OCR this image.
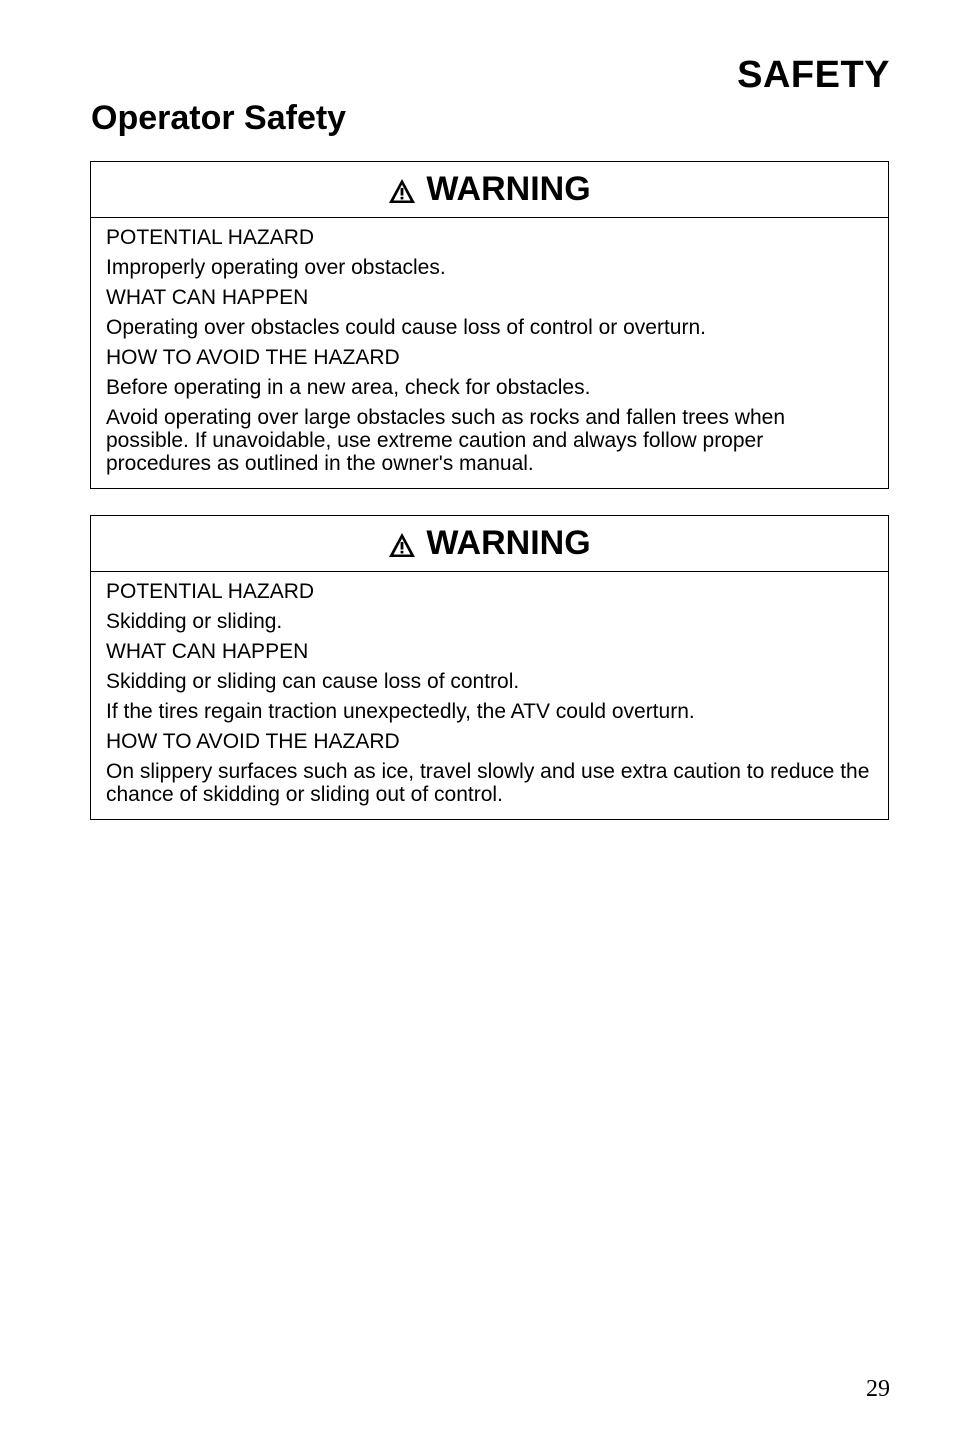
SAFETY
Operator Safety
WARNING

POTENTIAL HAZARD

Improperly operating over obstacles.

WHAT CAN HAPPEN

Operating over obstacles could cause loss of control or overturn.

HOW TO AVOID THE HAZARD

Before operating in a new area, check for obstacles.

Avoid operating over large obstacles such as rocks and fallen trees when possible. If unavoidable, use extreme caution and always follow proper procedures as outlined in the owner's manual.

WARNING

POTENTIAL HAZARD

Skidding or sliding.

WHAT CAN HAPPEN

Skidding or sliding can cause loss of control.

If the tires regain traction unexpectedly, the ATV could overturn.

HOW TO AVOID THE HAZARD

On slippery surfaces such as ice, travel slowly and use extra caution to reduce the chance of skidding or sliding out of control.

29
